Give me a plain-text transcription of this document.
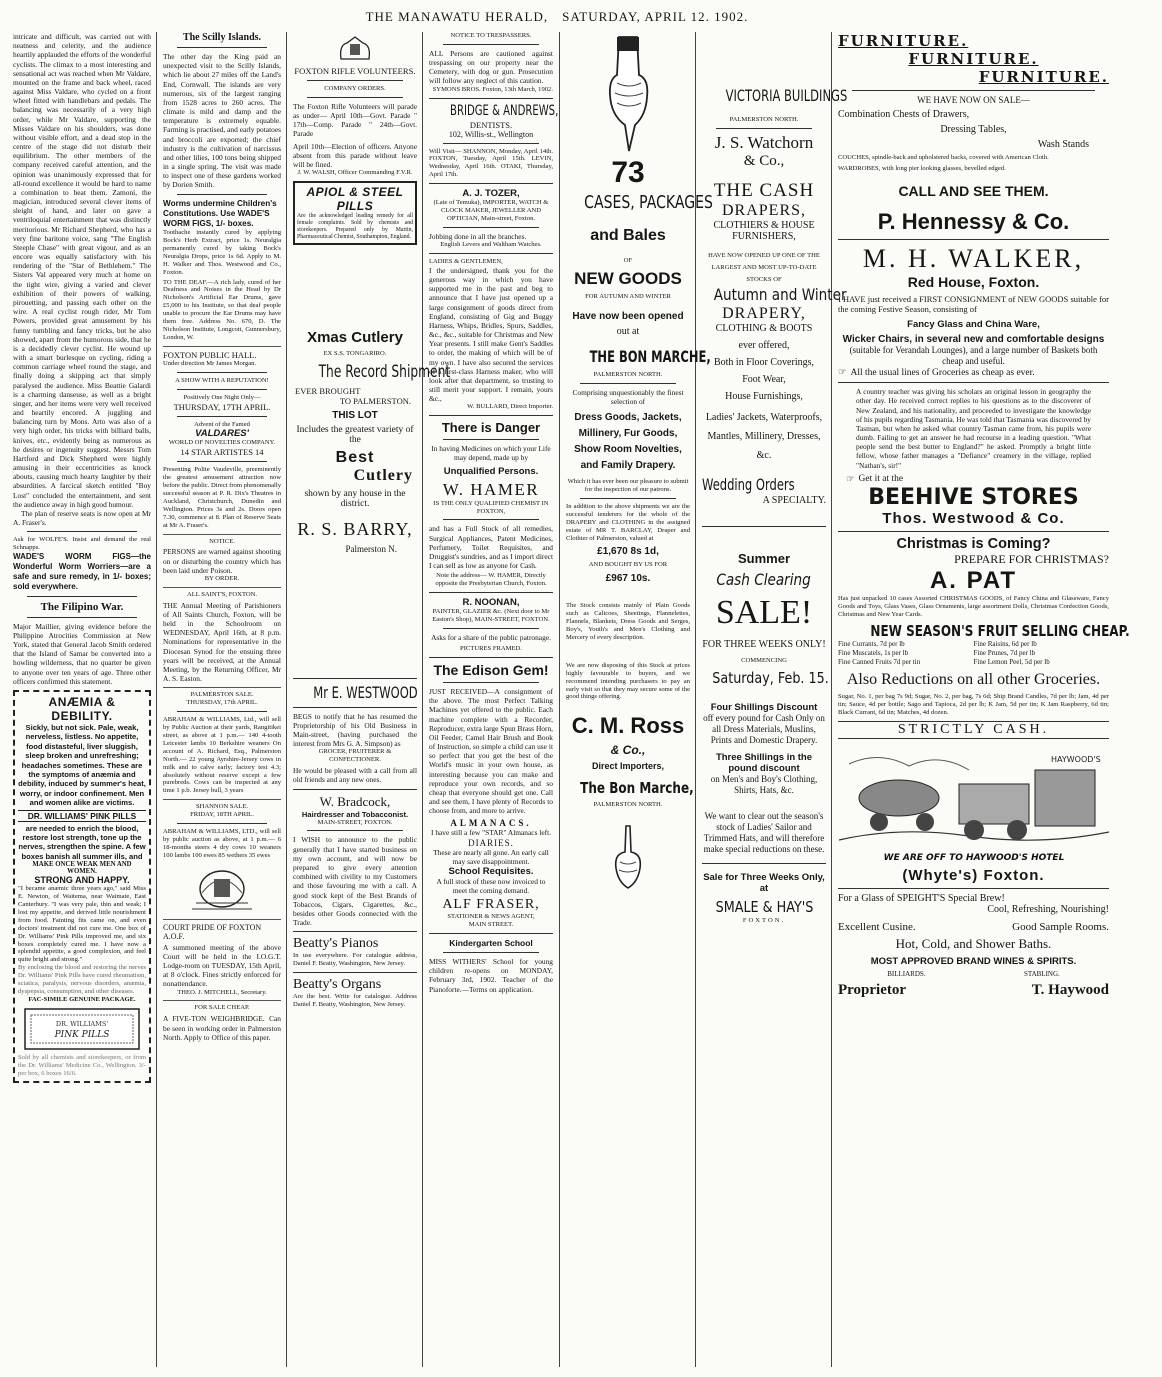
THE MANAWATU HERALD, SATURDAY, APRIL 12. 1902.

intricate and difficult, was carried out with neatness and celerity, and the audience heartily applauded the efforts of the wonderful cyclists. The climax to a most interesting and sensational act was reached when Mr Valdare, mounted on the frame and back wheel, raced against Miss Valdare, who cycled on a front wheel fitted with handlebars and pedals. The balancing was necessarily of a very high order, while Mr Valdare, supporting the Misses Valdare on his shoulders, was done without visible effort, and a dead stop in the centre of the stage did not disturb their equilibrium. The other members of the company received careful attention, and the opinion was unanimously expressed that for all-round excellence it would be hard to name a combination to beat them. Zamoni, the magician, introduced several clever items of sleight of hand, and later on gave a ventriloquial entertainment that was distinctly meritorious. Mr Richard Shepherd, who has a very fine baritone voice, sang "The English Steeple Chase" with great vigour, and as an encore was equally satisfactory with his rendering of the "Star of Bethlehem." The Sisters Val appeared very much at home on the tight wire, giving a varied and clever exhibition of their powers of walking, pirouetting, and passing each other on the wire. A real cyclist rough rider, Mr Tom Powers, provided great amusement by his funny tumbling and fancy tricks, but he also showed, apart from the humorous side, that he is a decidedly clever cyclist. He wound up with a smart burlesque on cycling, riding a common carriage wheel round the stage, and finally doing a skipping act that simply paralysed the audience. Miss Beattie Galardi is a charming danseuse, as well as a bright singer, and her items were very well received and heartily encored. A juggling and balancing turn by Mons. Arto was also of a very high order, his tricks with billiard balls, knives, etc., evidently being as numerous as he desires or ingenuity suggest. Messrs Tom Hartford and Dick Shepherd were highly amusing in their eccentricities as knock abouts, causing much hearty laughter by their absurdities. A farcical sketch entitled "Boy Lost" concluded the entertainment, and sent the audience away in high good humour.

The plan of reserve seats is now open at Mr A. Fraser's.

Ask for WOLFE'S. Insist and demand the real Schnapps.

WADE'S WORM FIGS—the Wonderful Worm Worriers—are a safe and sure remedy, in 1/- boxes; sold everywhere.

The Filipino War.

Major Maillier, giving evidence before the Philippine Atrocities Commission at New York, stated that General Jacob Smith ordered that the Island of Samar be converted into a howling wilderness, that no quarter be given to anyone over ten years of age. Three other officers confirmed this statement.

ANÆMIA & DEBILITY.

Sickly, but not sick. Pale, weak, nerveless, listless. No appetite, food distasteful, liver sluggish, sleep broken and unrefreshing; headaches sometimes. These are the symptoms of anæmia and debility, induced by summer's heat, worry, or indoor confinement. Men and women alike are victims.

DR. WILLIAMS' PINK PILLS

are needed to enrich the blood, restore lost strength, tone up the nerves, strengthen the spine. A few boxes banish all summer ills, and

MAKE ONCE WEAK MEN AND WOMEN.
STRONG AND HAPPY.

"I became anæmic three years ago," said Miss E. Newton, of Waitema, near Waimate, East Canterbury. "I was very pale, thin and weak; I lost my appetite, and derived little nourishment from food. Fainting fits came on, and even doctors' treatment did not cure me. One box of Dr. Williams' Pink Pills improved me, and six boxes completely cured me. I have now a splendid appetite, a good complexion, and feel quite bright and strong."

By enclosing the blood and restoring the nerves Dr. Williams' Pink Pills have cured rheumatism, sciatica, paralysis, nervous disorders, anæmia, dyspepsia, consumption, and other diseases.

FAC-SIMILE GENUINE PACKAGE.
DR. WILLIAMS'
PINK PILLS

Sold by all chemists and storekeepers, or from the Dr. Williams' Medicine Co., Wellington. 3/- per box, 6 boxes 16/6.

The Scilly Islands.

The other day the King paid an unexpected visit to the Scilly Islands, which lie about 27 miles off the Land's End, Cornwall. The islands are very numerous, six of the largest ranging from 1528 acres to 260 acres. The climate is mild and damp and the temperature is extremely equable. Farming is practised, and early potatoes and broccoli are exported; the chief industry is the cultivation of narcissus and other lilies, 100 tons being shipped in a single spring. The visit was made to inspect one of these gardens worked by Dorien Smith.

Worms undermine Children's Constitutions. Use WADE'S WORM FIGS, 1/- boxes.

Toothache instantly cured by applying Bock's Herb Extract, price 1s. Neuralgia permanently cured by taking Bock's Neuralgia Drops, price 1s 6d. Apply to M. H. Walker and Thos. Westwood and Co., Foxton.

TO THE DEAF.—A rich lady, cured of her Deafness and Noises in the Head by Dr Nicholson's Artificial Ear Drums, gave £5,000 to his Institute, so that deaf people unable to procure the Ear Drums may have them free. Address No. 670, D. The Nicholson Institute, Longcott, Gunnersbury, London, W.

FOXTON PUBLIC HALL.

Under direction Mr James Morgan.

A SHOW WITH A REPUTATION!
Positively One Night Only—
THURSDAY, 17TH APRIL.
Advent of the Famed
VALDARES'
WORLD OF NOVELTIES COMPANY.
14 STAR ARTISTES 14

Presenting Polite Vaudeville, preeminently the greatest amusement attraction now before the public. Direct from phenomenally successful season at P. R. Dix's Theatres in Auckland, Christchurch, Dunedin and Wellington. Prices 3s and 2s. Doors open 7.30, commence at 8. Plan of Reserve Seats at Mr A. Fraser's.

NOTICE.

PERSONS are warned against shooting on or disturbing the country which has been laid under Poison.

BY ORDER.
ALL SAINT'S, FOXTON.

THE Annual Meeting of Parishioners of All Saints Church, Foxton, will be held in the Schoolroom on WEDNESDAY, April 16th, at 8 p.m. Nominations for representative in the Diocesan Synod for the ensuing three years will be received, at the Annual Meeting, by the Returning Officer, Mr A. S. Easton.

PALMERSTON SALE.
THURSDAY, 17th APRIL.

ABRAHAM & WILLIAMS, Ltd., will sell by Public Auction at their yards, Rangitikei street, as above at 1 p.m.— 140 4-tooth Leicester lambs 10 Berkshire weaners On account of A. Richard, Esq., Palmerston North.— 22 young Ayrshire-Jersey cows in milk and to calve early; factory test 4.3; absolutely without reserve except a few purebreds. Cows can be inspected at any time 1 p.b. Jersey bull, 3 years

SHANNON SALE.
FRIDAY, 18TH APRIL.

ABRAHAM & WILLIAMS, LTD., will sell by public auction as above, at 1 p.m.— 6 18-months steers 4 dry cows 10 weaners 100 lambs 100 ewes 85 wethers 35 ewes

COURT PRIDE OF FOXTON A.O.F.

A summoned meeting of the above Court will be held in the I.O.G.T. Lodge-room on TUESDAY, 15th April, at 8 o'clock. Fines strictly enforced for nonattendance.

THEO. J. MITCHELL, Secretary.
FOR SALE CHEAP.

A FIVE-TON WEIGHBRIDGE. Can be seen in working order in Palmerston North. Apply to Office of this paper.

FOXTON RIFLE VOLUNTEERS.
COMPANY ORDERS.

The Foxton Rifle Volunteers will parade as under— April 10th—Govt. Parade " 17th—Comp. Parade " 24th—Govt. Parade

April 10th—Election of officers. Anyone absent from this parade without leave will be fined.

J. W. WALSH, Officer Commanding F.V.R.
APIOL & STEEL PILLS

Are the acknowledged leading remedy for all female complaints. Sold by chemists and storekeepers. Prepared only by Martin, Pharmaceutical Chemist, Southampton, England.

Xmas Cutlery
EX S.S. TONGARIRO.
The Record Shipment
EVER BROUGHT
TO PALMERSTON.
THIS LOT
Includes the greatest variety of the
Best
Cutlery
shown by any house in the district.
R. S. BARRY,
Palmerston N.
Mr E. WESTWOOD

BEGS to notify that he has resumed the Proprietorship of his Old Business in Main-street, (having purchased the interest from Mrs G. A. Simpson) as

GROCER, FRUITERER & CONFECTIONER.

He would be pleased with a call from all old friends and any new ones.

W. Bradcock,
Hairdresser and Tobacconist.
MAIN-STREET, FOXTON.

I WISH to announce to the public generally that I have started business on my own account, and will now be prepared to give every attention combined with civility to my Customers and those favouring me with a call. A good stock kept of the Best Brands of Tobaccos, Cigars, Cigarettes, &c., besides other Goods connected with the Trade.

Beatty's Pianos

In use everywhere. For catalogue address, Daniel F. Beatty, Washington, New Jersey.

Beatty's Organs

Are the best. Write for catalogue. Address Daniel F. Beatty, Washington, New Jersey.

NOTICE TO TRESPASSERS.

ALL Persons are cautioned against trespassing on our property near the Cemetery, with dog or gun. Prosecution will follow any neglect of this caution.

SYMONS BROS. Foxton, 13th March, 1902.

BRIDGE & ANDREWS,
DENTISTS.
102, Willis-st., Wellington

Will Visit— SHANNON, Monday, April 14th. FOXTON, Tuesday, April 15th. LEVIN, Wednesday, April 16th. OTAKI, Thursday, April 17th.

A. J. TOZER,

(Late of Temuka), IMPORTER, WATCH & CLOCK MAKER, JEWELLER AND OPTICIAN, Main-street, Foxton.

Jobbing done in all the branches.

English Levers and Waltham Watches.
LADIES & GENTLEMEN,

I the undersigned, thank you for the generous way in which you have supported me in the past and beg to announce that I have just opened up a large consignment of goods direct from England, consisting of Gig and Buggy Harness, Whips, Bridles, Spurs, Saddles, &c., &c., suitable for Christmas and New Year presents. I still make Gent's Saddles to order, the making of which will be of my own. I have also secured the services of a first-class Harness maker, who will look after that department, so trusting to still merit your support. I remain, yours &c.,

W. BULLARD, Direct Importer.

There is Danger

In having Medicines on which your Life may depend, made up by

Unqualified Persons.
W. HAMER
IS THE ONLY QUALIFIED CHEMIST IN FOXTON,

and has a Full Stock of all remedies, Surgical Appliances, Patent Medicines, Perfumery, Toilet Requisites, and Druggist's sundries, and as I import direct I can sell as low as anyone for Cash.

Note the address— W. HAMER, Directly opposite the Presbyterian Church, Foxton.

R. NOONAN,

PAINTER, GLAZIER &c. (Next door to Mr Easton's Shop), MAIN-STREET, FOXTON.

Asks for a share of the public patronage.

PICTURES FRAMED.
The Edison Gem!

JUST RECEIVED—A consignment of the above. The most Perfect Talking Machines yet offered to the public. Each machine complete with a Recorder, Reproducer, extra large Spun Brass Horn, Oil Feeder, Camel Hair Brush and Book of Instruction, so simple a child can use it so perfect that you get the best of the World's music in your own house, as interesting because you can make and reproduce your own records, and so cheap that everyone should get one. Call and see them, I have plenty of Records to choose from, and more to arrive.

ALMANACS.

I have still a few "STAR" Almanacs left.

DIARIES.

These are nearly all gone. An early call may save disappointment.

School Requisites.

A full stock of these now invoiced to meet the coming demand.

ALF FRASER,
STATIONER & NEWS AGENT,
MAIN STREET.
Kindergarten School

MISS WITHERS' School for young children re-opens on MONDAY, February 3rd, 1902. Teacher of the Pianoforte.—Terms on application.

73
CASES, PACKAGES
and Bales
OF
NEW GOODS
FOR AUTUMN AND WINTER
Have now been opened
out at
THE BON MARCHE,
PALMERSTON NORTH.

Comprising unquestionably the finest selection of

Dress Goods, Jackets, Millinery, Fur Goods, Show Room Novelties, and Family Drapery.

Which it has ever been our pleasure to submit for the inspection of our patrons.

In addition to the above shipments we are the successful tenderers for the whole of the DRAPERY and CLOTHING in the assigned estate of MR T. BARCLAY, Draper and Clothier of Palmerston, valued at

£1,670 8s 1d,
AND BOUGHT BY US FOR
£967 10s.

The Stock consists mainly of Plain Goods such as Calicoes, Sheetings, Flannelettes, Flannels, Blankets, Dress Goods and Serges, Boy's, Youth's and Men's Clothing and Mercery of every description.

We are now disposing of this Stock at prices highly favourable to buyers, and we recommend intending purchasers to pay an early visit so that they may secure some of the good things offering.

C. M. Ross
& Co.,
Direct Importers,
The Bon Marche,
PALMERSTON NORTH.
VICTORIA BUILDINGS
PALMERSTON NORTH.
J. S. Watchorn
& Co.,
THE CASH
DRAPERS,
CLOTHIERS & HOUSE
FURNISHERS,

HAVE NOW OPENED UP ONE OF THE LARGEST AND MOST UP-TO-DATE STOCKS OF

Autumn and Winter
DRAPERY,
CLOTHING & BOOTS
ever offered,
Both in Floor Coverings,
Foot Wear,
House Furnishings,
Ladies' Jackets, Waterproofs, Mantles, Millinery, Dresses, &c.
Wedding Orders
A SPECIALTY.
Summer
Cash Clearing
SALE!
FOR THREE WEEKS ONLY!
COMMENCING
Saturday, Feb. 15.
Four Shillings Discount

off every pound for Cash Only on all Dress Materials, Muslins, Prints and Domestic Drapery.

Three Shillings in the pound discount

on Men's and Boy's Clothing, Shirts, Hats, &c.

We want to clear out the season's stock of Ladies' Sailor and Trimmed Hats, and will therefore make special reductions on these.

Sale for Three Weeks Only, at
SMALE & HAY'S
FOXTON.
FURNITURE.
FURNITURE.
FURNITURE.
WE HAVE NOW ON SALE—
Combination Chests of Drawers,
Dressing Tables,
Wash Stands

COUCHES, spindle-back and upholstered backs, covered with American Cloth.

WARDROBES, with long pier looking glasses, bevelled edged.

CALL AND SEE THEM.
P. Hennessy & Co.
M. H. WALKER,
Red House, Foxton.

I HAVE just received a FIRST CONSIGNMENT of NEW GOODS suitable for the coming Festive Season, consisting of

Fancy Glass and China Ware,
Wicker Chairs, in several new and comfortable designs

(suitable for Verandah Lounges), and a large number of Baskets both cheap and useful.

☞ All the usual lines of Groceries as cheap as ever.

A country teacher was giving his scholars an original lesson in geography the other day. He received correct replies to his questions as to the discoverer of New Zealand, and his nationality, and proceeded to investigate the knowledge of his pupils regarding Tasmania. He was told that Tasmania was discovered by Tasman, but when he asked what country Tasman came from, his pupils were dumb. Failing to get an answer he had recourse in a leading question. "What people send the best butter to England?" he asked. Promptly a bright little fellow, whose father manages a "Defiance" creamery in the village, replied "Nathan's, sir!"

☞ Get it at the
BEEHIVE STORES
Thos. Westwood & Co.
Christmas is Coming?
PREPARE FOR CHRISTMAS?
A. PAT

Has just unpacked 10 cases Assorted CHRISTMAS GOODS, of Fancy China and Glassware, Fancy Goods and Toys, Glass Vases, Glass Ornaments, large assortment Dolls, Christmas Confection Goods, Christmas and New Year Cards.

NEW SEASON'S FRUIT SELLING CHEAP.
Fine Currants, 7d per lb	Fine Raisins, 6d per lb
Fine Muscatels, 1s per lb	Fine Prunes, 7d per lb
Fine Canned Fruits 7d per tin	Fine Lemon Peel, 5d per lb
Also Reductions on all other Groceries.

Sugar, No. 1, per bag 7s 9d; Sugar, No. 2, per bag, 7s 6d; Ship Brand Candles, 7d per lb; Jam, 4d per tin; Sauce, 4d per bottle; Sago and Tapioca, 2d per lb; K Jam, 5d per tin; K Jam Raspberry, 6d tin; Black Currant, 6d tin; Matches, 4d dozen.

STRICTLY CASH.
HAYWOOD'S
WE ARE OFF TO HAYWOOD'S HOTEL
(Whyte's) Foxton.
For a Glass of SPEIGHT'S Special Brew!
Cool, Refreshing, Nourishing!
Excellent Cusine.	Good Sample Rooms.
Hot, Cold, and Shower Baths.
MOST APPROVED BRAND WINES & SPIRITS.
BILLIARDS.	STABLING.
Proprietor	T. Haywood
